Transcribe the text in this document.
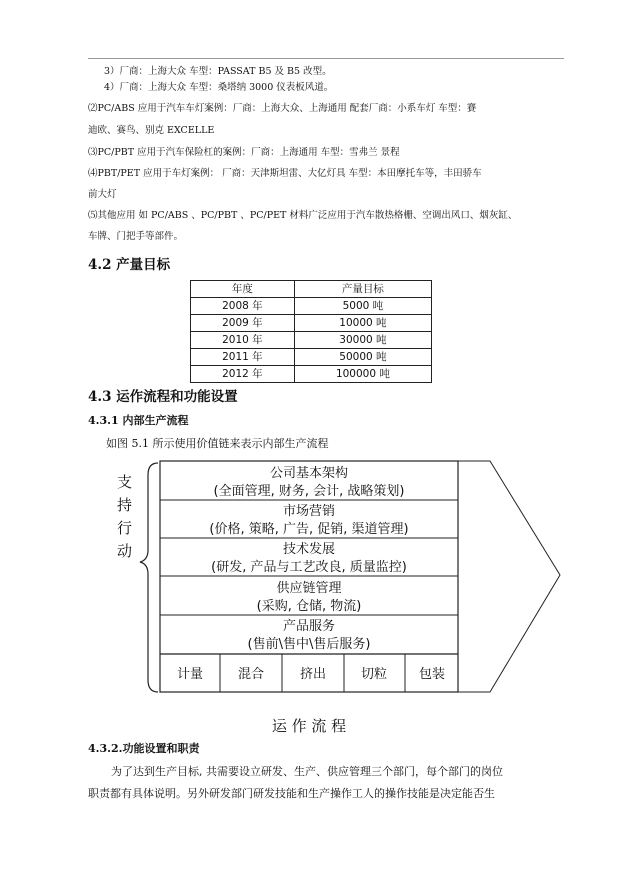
3）厂商：上海大众 车型：PASSAT B5 及 B5 改型。
4）厂商：上海大众 车型：桑塔纳 3000 仪表板风道。
⑵PC/ABS 应用于汽车车灯案例：厂商：上海大众、上海通用 配套厂商：小系车灯 车型：賽
迪欧、赛鸟、别克 EXCELLE
⑶PC/PBT 应用于汽车保险杠的案例：厂商：上海通用 车型：雪弗兰 景程
⑷PBT/PET 应用于车灯案例： 厂商：天津斯坦雷、大亿灯具 车型：本田摩托车等，丰田骄车
前大灯
⑸其他应用 如 PC/ABS 、PC/PBT 、PC/PET 材料广泛应用于汽车散热格栅、空调出风口、烟灰缸、
车牌、门把手等部件。
4.2 产量目标
年度	产量目标
2008 年	5000 吨
2009 年	10000 吨
2010 年	30000 吨
2011 年	50000 吨
2012 年	100000 吨
4.3 运作流程和功能设置
4.3.1 内部生产流程
如图 5.1 所示使用价值链来表示内部生产流程
公司基本架构
(全面管理, 财务, 会计, 战略策划)
市场营销
(价格, 策略, 广告, 促销, 渠道管理)
技术发展
(研发, 产品与工艺改良, 质量监控)
供应链管理
(采购, 仓储, 物流)
产品服务
(售前\售中\售后服务)
计量	混合	挤出	切粒 包装
支持行动
运 作 流 程
4.3.2.功能设置和职责
为了达到生产目标, 共需要设立研发、生产、供应管理三个部门，每个部门的岗位
职责都有具体说明。另外研发部门研发技能和生产操作工人的操作技能是决定能否生
